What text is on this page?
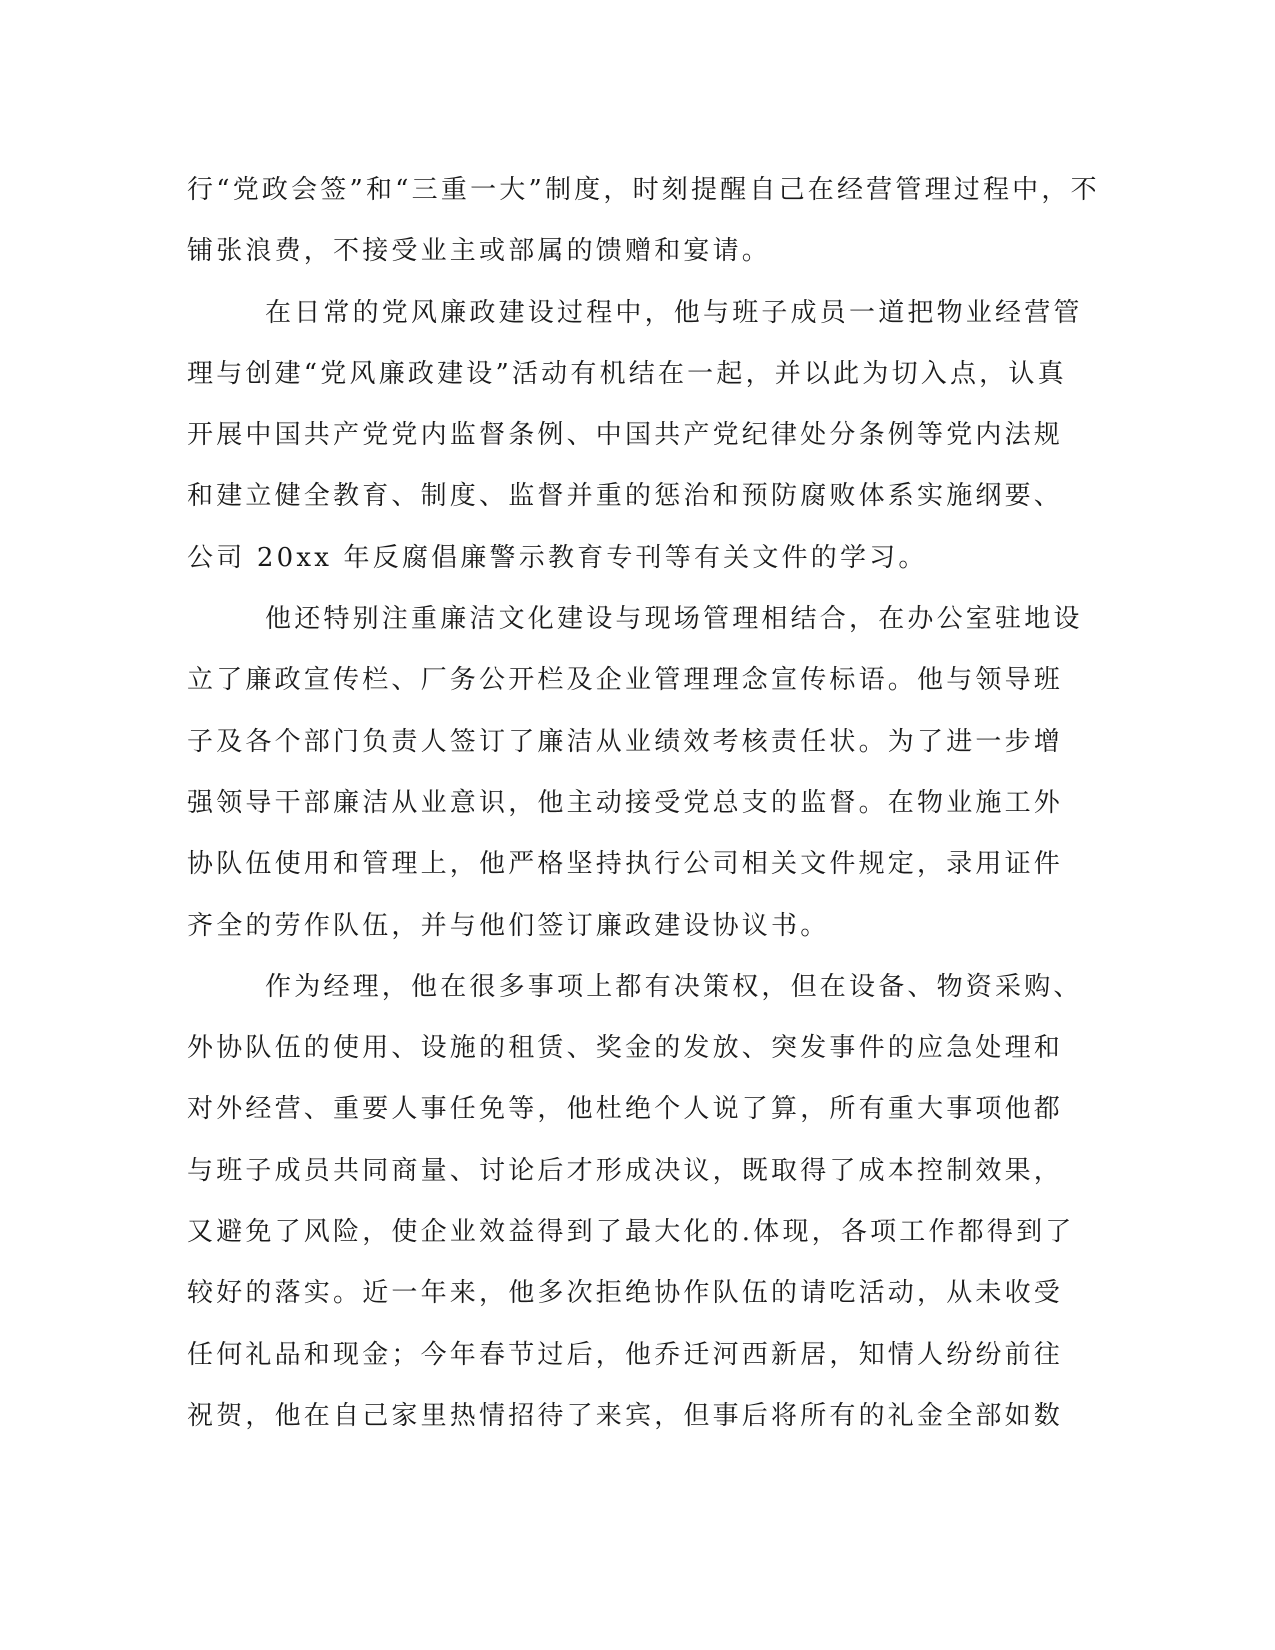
行“党政会签”和“三重一大”制度，时刻提醒自己在经营管理过程中，不
铺张浪费，不接受业主或部属的馈赠和宴请。
在日常的党风廉政建设过程中，他与班子成员一道把物业经营管
理与创建“党风廉政建设”活动有机结在一起，并以此为切入点，认真
开展中国共产党党内监督条例、中国共产党纪律处分条例等党内法规
和建立健全教育、制度、监督并重的惩治和预防腐败体系实施纲要、
公司 20xx 年反腐倡廉警示教育专刊等有关文件的学习。
他还特别注重廉洁文化建设与现场管理相结合，在办公室驻地设
立了廉政宣传栏、厂务公开栏及企业管理理念宣传标语。他与领导班
子及各个部门负责人签订了廉洁从业绩效考核责任状。为了进一步增
强领导干部廉洁从业意识，他主动接受党总支的监督。在物业施工外
协队伍使用和管理上，他严格坚持执行公司相关文件规定，录用证件
齐全的劳作队伍，并与他们签订廉政建设协议书。
作为经理，他在很多事项上都有决策权，但在设备、物资采购、
外协队伍的使用、设施的租赁、奖金的发放、突发事件的应急处理和
对外经营、重要人事任免等，他杜绝个人说了算，所有重大事项他都
与班子成员共同商量、讨论后才形成决议，既取得了成本控制效果，
又避免了风险，使企业效益得到了最大化的.体现，各项工作都得到了
较好的落实。近一年来，他多次拒绝协作队伍的请吃活动，从未收受
任何礼品和现金；今年春节过后，他乔迁河西新居，知情人纷纷前往
祝贺，他在自己家里热情招待了来宾，但事后将所有的礼金全部如数
